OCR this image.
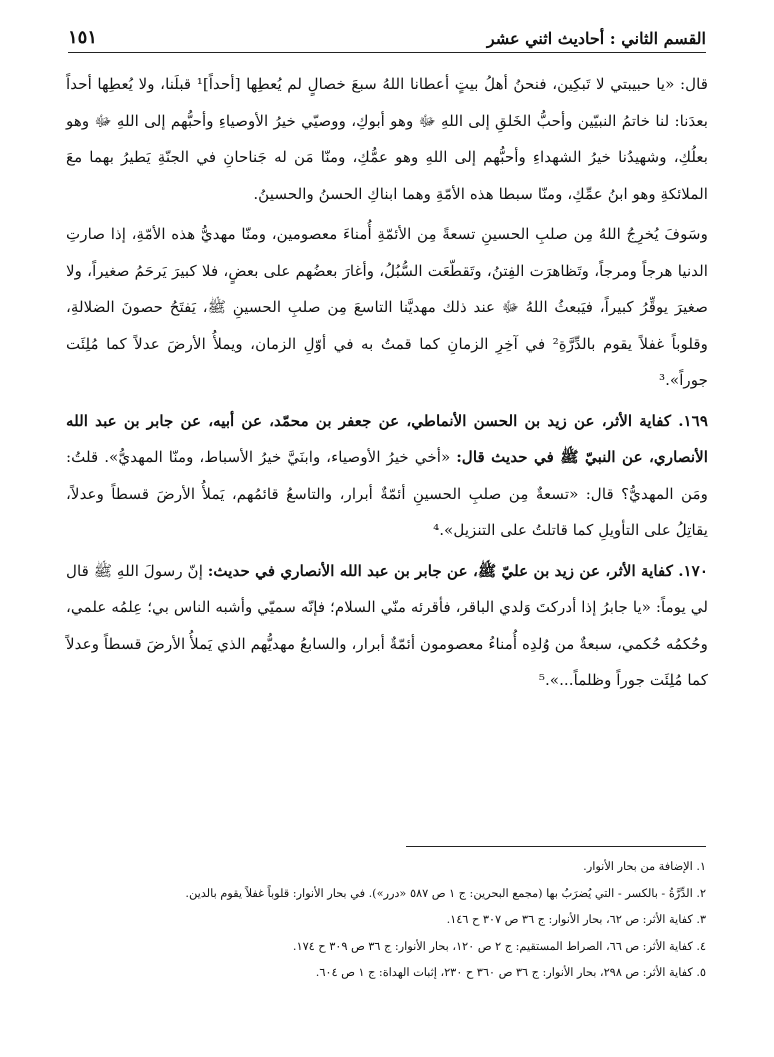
القسم الثاني : أحاديث اثني عشر
١٥١

قال: «يا حبيبتي لا تَبكِين، فنحنُ أهلُ بيتٍ أعطانا اللهُ سبعَ خصالٍ لم يُعطِها [أحداً]¹ قبلَنا، ولا يُعطِها أحداً بعدَنا: لنا خاتمُ النبيّين وأحبُّ الخَلقِ إلى اللهِ ﷻ وهو أبوكِ، ووصيّي خيرُ الأوصياءِ وأحبُّهم إلى اللهِ ﷻ وهو بعلُكِ، وشهيدُنا خيرُ الشهداءِ وأحبُّهم إلى اللهِ وهو عمُّكِ، ومنّا مَن له جَناحانِ في الجنّةِ يَطيرُ بهما معَ الملائكةِ وهو ابنُ عمِّكِ، ومنّا سبطا هذه الأمّةِ وهما ابناكِ الحسنُ والحسينُ.

وسَوفَ يُخرِجُ اللهُ مِن صلبِ الحسينِ تسعةً مِن الأئمّةِ أُمناءَ معصومين، ومنّا مهديُّ هذه الأمّةِ، إذا صارتِ الدنيا هرجاً ومرجاً، وتَظاهرَت الفِتنُ، وتَقطّعَت السُّبُلُ، وأغارَ بعضُهم على بعضٍ، فلا كبيرَ يَرحَمُ صغيراً، ولا صغيرَ يوقِّرُ كبيراً، فيَبعثُ اللهُ ﷻ عند ذلك مهديَّنا التاسعَ مِن صلبِ الحسينِ ﷺ، يَفتَحُ حصونَ الضلالةِ، وقلوباً غفلاً يقوم بالدِّرَّةِ² في آخِرِ الزمانِ كما قمتُ به في أوّلِ الزمان، ويملأُ الأرضَ عدلاً كما مُلِئَت جوراً».³

١٦٩. كفاية الأثر، عن زيد بن الحسن الأنماطي، عن جعفر بن محمّد، عن أبيه، عن جابر بن عبد الله الأنصاري، عن النبيّ ﷺ في حديث قال: «أخي خيرُ الأوصياء، وابنَيَّ خيرُ الأسباط، ومنّا المهديُّ». قلتُ: ومَن المهديُّ؟ قال: «تسعةٌ مِن صلبِ الحسينِ أئمّةٌ أبرار، والتاسعُ قائمُهم، يَملأُ الأرضَ قسطاً وعدلاً، يقاتِلُ على التأويلِ كما قاتلتُ على التنزيل».⁴

١٧٠. كفاية الأثر، عن زيد بن عليّ ﷺ، عن جابر بن عبد الله الأنصاري في حديث: إنّ رسولَ اللهِ ﷺ قال لي يوماً: «يا جابرُ إذا أدركتَ وَلدي الباقر، فأقرئه منّي السلام؛ فإنّه سميّي وأشبه الناس بي؛ عِلمُه علمي، وحُكمُه حُكمي، سبعةٌ من وُلدِه أُمناءُ معصومون أئمّةٌ أبرار، والسابعُ مهديُّهم الذي يَملأُ الأرضَ قسطاً وعدلاً كما مُلِئَت جوراً وظلماً...».⁵

١. الإضافة من بحار الأنوار.
٢. الدِّرَّةُ - بالكسر - التي يُضرَبُ بها (مجمع البحرين: ج ١ ص ٥٨٧ «درر»). في بحار الأنوار: قلوباً غفلاً يقوم بالدين.
٣. كفاية الأثر: ص ٦٢، بحار الأنوار: ج ٣٦ ص ٣٠٧ ح ١٤٦.
٤. كفاية الأثر: ص ٦٦، الصراط المستقيم: ج ٢ ص ١٢٠، بحار الأنوار: ج ٣٦ ص ٣٠٩ ح ١٧٤.
٥. كفاية الأثر: ص ٢٩٨، بحار الأنوار: ج ٣٦ ص ٣٦٠ ح ٢٣٠، إثبات الهداة: ج ١ ص ٦٠٤.
